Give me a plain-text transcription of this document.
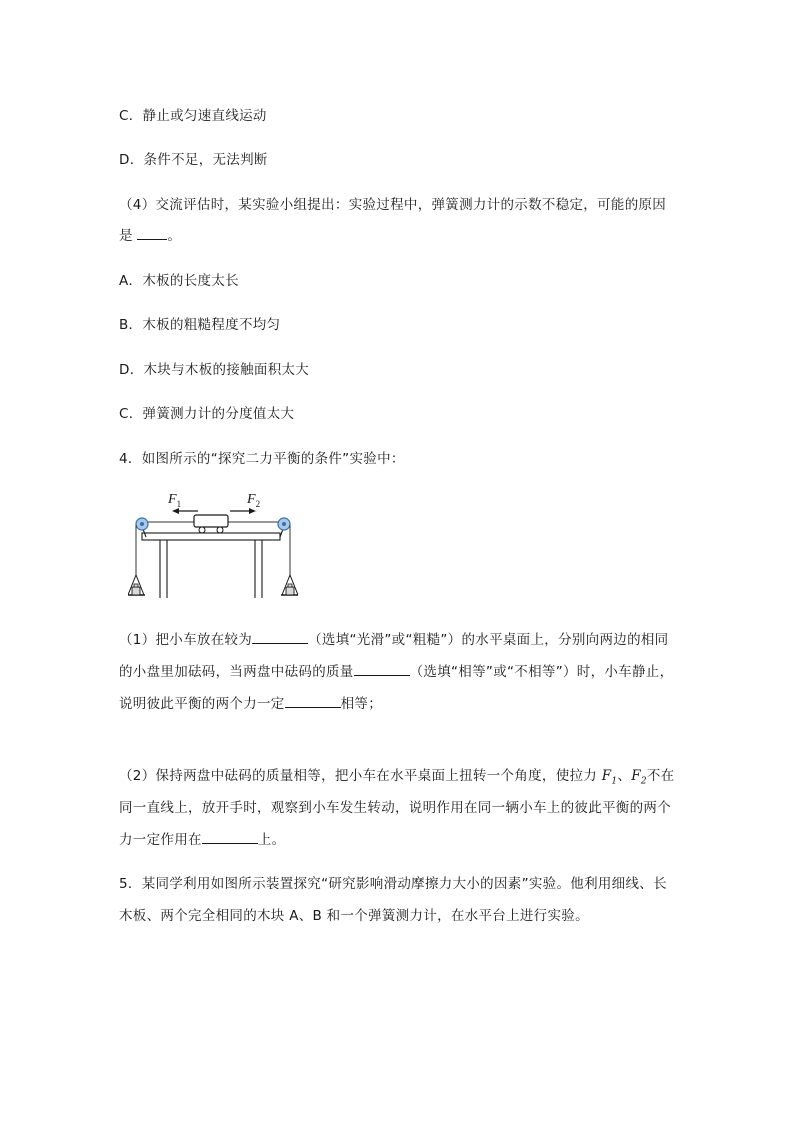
C．静止或匀速直线运动
D．条件不足，无法判断
（4）交流评估时，某实验小组提出：实验过程中，弹簧测力计的示数不稳定，可能的原因
是 。
A．木板的长度太长
B．木板的粗糙程度不均匀
D．木块与木板的接触面积太大
C．弹簧测力计的分度值太大
4．如图所示的“探究二力平衡的条件”实验中：
$F_1$	$F_2$
（1）把小车放在较为	（选填“光滑”或“粗糙”）的水平桌面上，分别向两边的相同
的小盘里加砝码，当两盘中砝码的质量	（选填“相等”或“不相等”）时，小车静止，
说明彼此平衡的两个力一定	相等；
（2）保持两盘中砝码的质量相等，把小车在水平桌面上扭转一个角度，使拉力 $F_1$、$F_2$不在
同一直线上，放开手时，观察到小车发生转动，说明作用在同一辆小车上的彼此平衡的两个
力一定作用在	上。
5．某同学利用如图所示装置探究“研究影响滑动摩擦力大小的因素”实验。他利用细线、长
木板、两个完全相同的木块 A、B 和一个弹簧测力计，在水平台上进行实验。
